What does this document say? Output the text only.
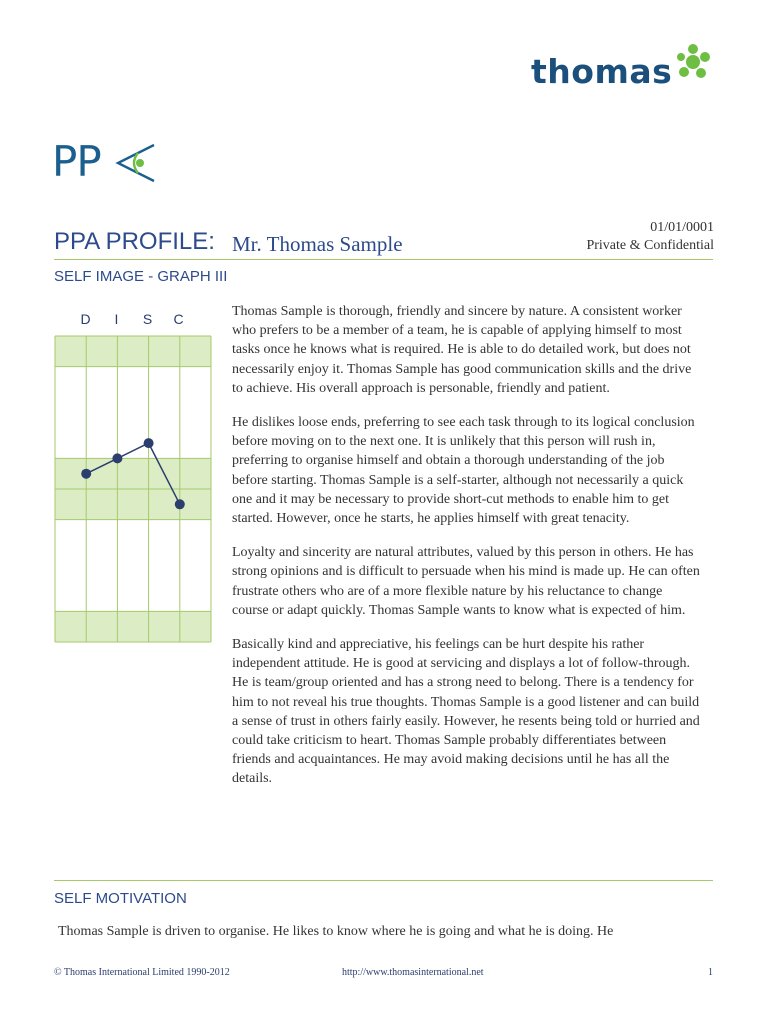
thomas
PP
PPA PROFILE: Mr. Thomas Sample
01/01/0001
Private & Confidential
SELF IMAGE - GRAPH III
D	I	S	C	Thomas Sample is thorough, friendly and sincere by nature. A consistent worker who prefers to be a member of a team, he is capable of applying himself to most tasks once he knows what is required. He is able to do detailed work, but does not necessarily enjoy it. Thomas Sample has good communication skills and the drive to achieve. His overall approach is personable, friendly and patient.

He dislikes loose ends, preferring to see each task through to its logical conclusion before moving on to the next one. It is unlikely that this person will rush in, preferring to organise himself and obtain a thorough understanding of the job before starting. Thomas Sample is a self-starter, although not necessarily a quick one and it may be necessary to provide short-cut methods to enable him to get started. However, once he starts, he applies himself with great tenacity.

Loyalty and sincerity are natural attributes, valued by this person in others. He has strong opinions and is difficult to persuade when his mind is made up. He can often frustrate others who are of a more flexible nature by his reluctance to change course or adapt quickly. Thomas Sample wants to know what is expected of him.

Basically kind and appreciative, his feelings can be hurt despite his rather independent attitude. He is good at servicing and displays a lot of follow-through. He is team/group oriented and has a strong need to belong. There is a tendency for him to not reveal his true thoughts. Thomas Sample is a good listener and can build a sense of trust in others fairly easily. However, he resents being told or hurried and could take criticism to heart. Thomas Sample probably differentiates between friends and acquaintances. He may avoid making decisions until he has all the details.

SELF MOTIVATION
Thomas Sample is driven to organise. He likes to know where he is going and what he is doing. He
© Thomas International Limited 1990-2012	http://www.thomasinternational.net	1
